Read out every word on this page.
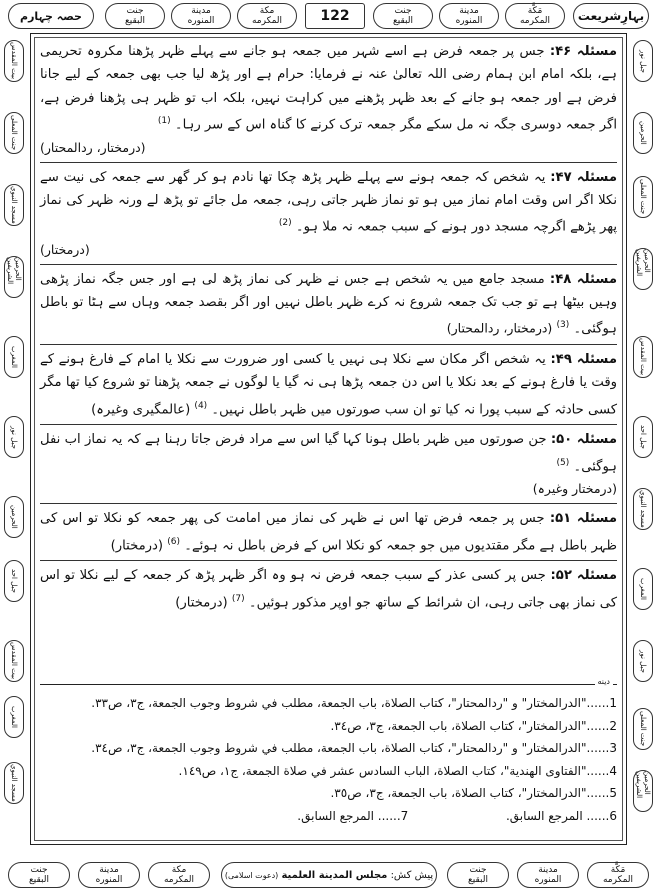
بہارِشریعت
مَكَّة
المكرمه
مدينة
المنوره
جنت
البقيع
122
مكة
المكرمه
مدينة
المنوره
جنت
البقيع
حصہ چہارم
بيت المقدس
جنت المعلى
مسجد النبوي
الحرمين الشريفين
المغرب
جبل نور
الحرمين
جبل احد
بيت المقدس
المغرب
مسجد النبوي
جبل نور
الحرمين
جنت المعلى
الحرمين الشريفين
بيت المقدس
جبل احد
مسجد النبوي
المغرب
جبل نور
جنت المعلى
الحرمين الشريفين

مسئلہ ۴۶: جس پر جمعہ فرض ہے اسے شہر میں جمعہ ہو جانے سے پہلے ظہر پڑھنا مکروہ تحریمی ہے، بلکہ امام ابن ہمام رضی اللہ تعالیٰ عنہ نے فرمایا: حرام ہے اور پڑھ لیا جب بھی جمعہ کے لیے جانا فرض ہے اور جمعہ ہو جانے کے بعد ظہر پڑھنے میں کراہت نہیں، بلکہ اب تو ظہر ہی پڑھنا فرض ہے، اگر جمعہ دوسری جگہ نہ مل سکے مگر جمعہ ترک کرنے کا گناہ اس کے سر رہا۔ $^{(1)}$
(درمختار، ردالمحتار)

مسئلہ ۴۷: یہ شخص کہ جمعہ ہونے سے پہلے ظہر پڑھ چکا تھا نادم ہو کر گھر سے جمعہ کی نیت سے نکلا اگر اس وقت امام نماز میں ہو تو نماز ظہر جاتی رہی، جمعہ مل جائے تو پڑھ لے ورنہ ظہر کی نماز پھر پڑھے اگرچہ مسجد دور ہونے کے سبب جمعہ نہ ملا ہو۔ $^{(2)}$
(درمختار)

مسئلہ ۴۸: مسجد جامع میں یہ شخص ہے جس نے ظہر کی نماز پڑھ لی ہے اور جس جگہ نماز پڑھی وہیں بیٹھا ہے تو جب تک جمعہ شروع نہ کرے ظہر باطل نہیں اور اگر بقصد جمعہ وہاں سے ہٹا تو باطل ہوگئی۔ $^{(3)}$ (درمختار، ردالمحتار)

مسئلہ ۴۹: یہ شخص اگر مکان سے نکلا ہی نہیں یا کسی اور ضرورت سے نکلا یا امام کے فارغ ہونے کے وقت یا فارغ ہونے کے بعد نکلا یا اس دن جمعہ پڑھا ہی نہ گیا یا لوگوں نے جمعہ پڑھنا تو شروع کیا تھا مگر کسی حادثہ کے سبب پورا نہ کیا تو ان سب صورتوں میں ظہر باطل نہیں۔ $^{(4)}$ (عالمگیری وغیرہ)

مسئلہ ۵۰: جن صورتوں میں ظہر باطل ہونا کہا گیا اس سے مراد فرض جاتا رہنا ہے کہ یہ نماز اب نفل ہوگئی۔ $^{(5)}$
(درمختار وغیرہ)

مسئلہ ۵۱: جس پر جمعہ فرض تھا اس نے ظہر کی نماز میں امامت کی پھر جمعہ کو نکلا تو اس کی ظہر باطل ہے مگر مقتدیوں میں جو جمعہ کو نکلا اس کے فرض باطل نہ ہوئے۔ $^{(6)}$ (درمختار)

مسئلہ ۵۲: جس پر کسی عذر کے سبب جمعہ فرض نہ ہو وہ اگر ظہر پڑھ کر جمعہ کے لیے نکلا تو اس کی نماز بھی جاتی رہی، ان شرائط کے ساتھ جو اوپر مذکور ہوئیں۔ $^{(7)}$ (درمختار)

دينه
1......"الدرالمختار" و "ردالمحتار"، كتاب الصلاة، باب الجمعة، مطلب في شروط وجوب الجمعة، ج٣، ص٣٣.
2......"الدرالمختار"، كتاب الصلاة، باب الجمعة، ج٣، ص٣٤.
3......"الدرالمختار" و "ردالمحتار"، كتاب الصلاة، باب الجمعة، مطلب في شروط وجوب الجمعة، ج٣، ص٣٤.
4......"الفتاوى الهندية"، كتاب الصلاة، الباب السادس عشر في صلاة الجمعة، ج١، ص١٤٩.
5......"الدرالمختار"، كتاب الصلاة، باب الجمعة، ج٣، ص٣٥.
6...... المرجع السابق.  7...... المرجع السابق.
مَكَّة
المكرمه
مدينة
المنوره
جنت
البقيع
پیش کش:

مجلس المدينة العلمية

(دعوت اسلامی)
مكة
المكرمه
مدينة
المنوره
جنت
البقيع
